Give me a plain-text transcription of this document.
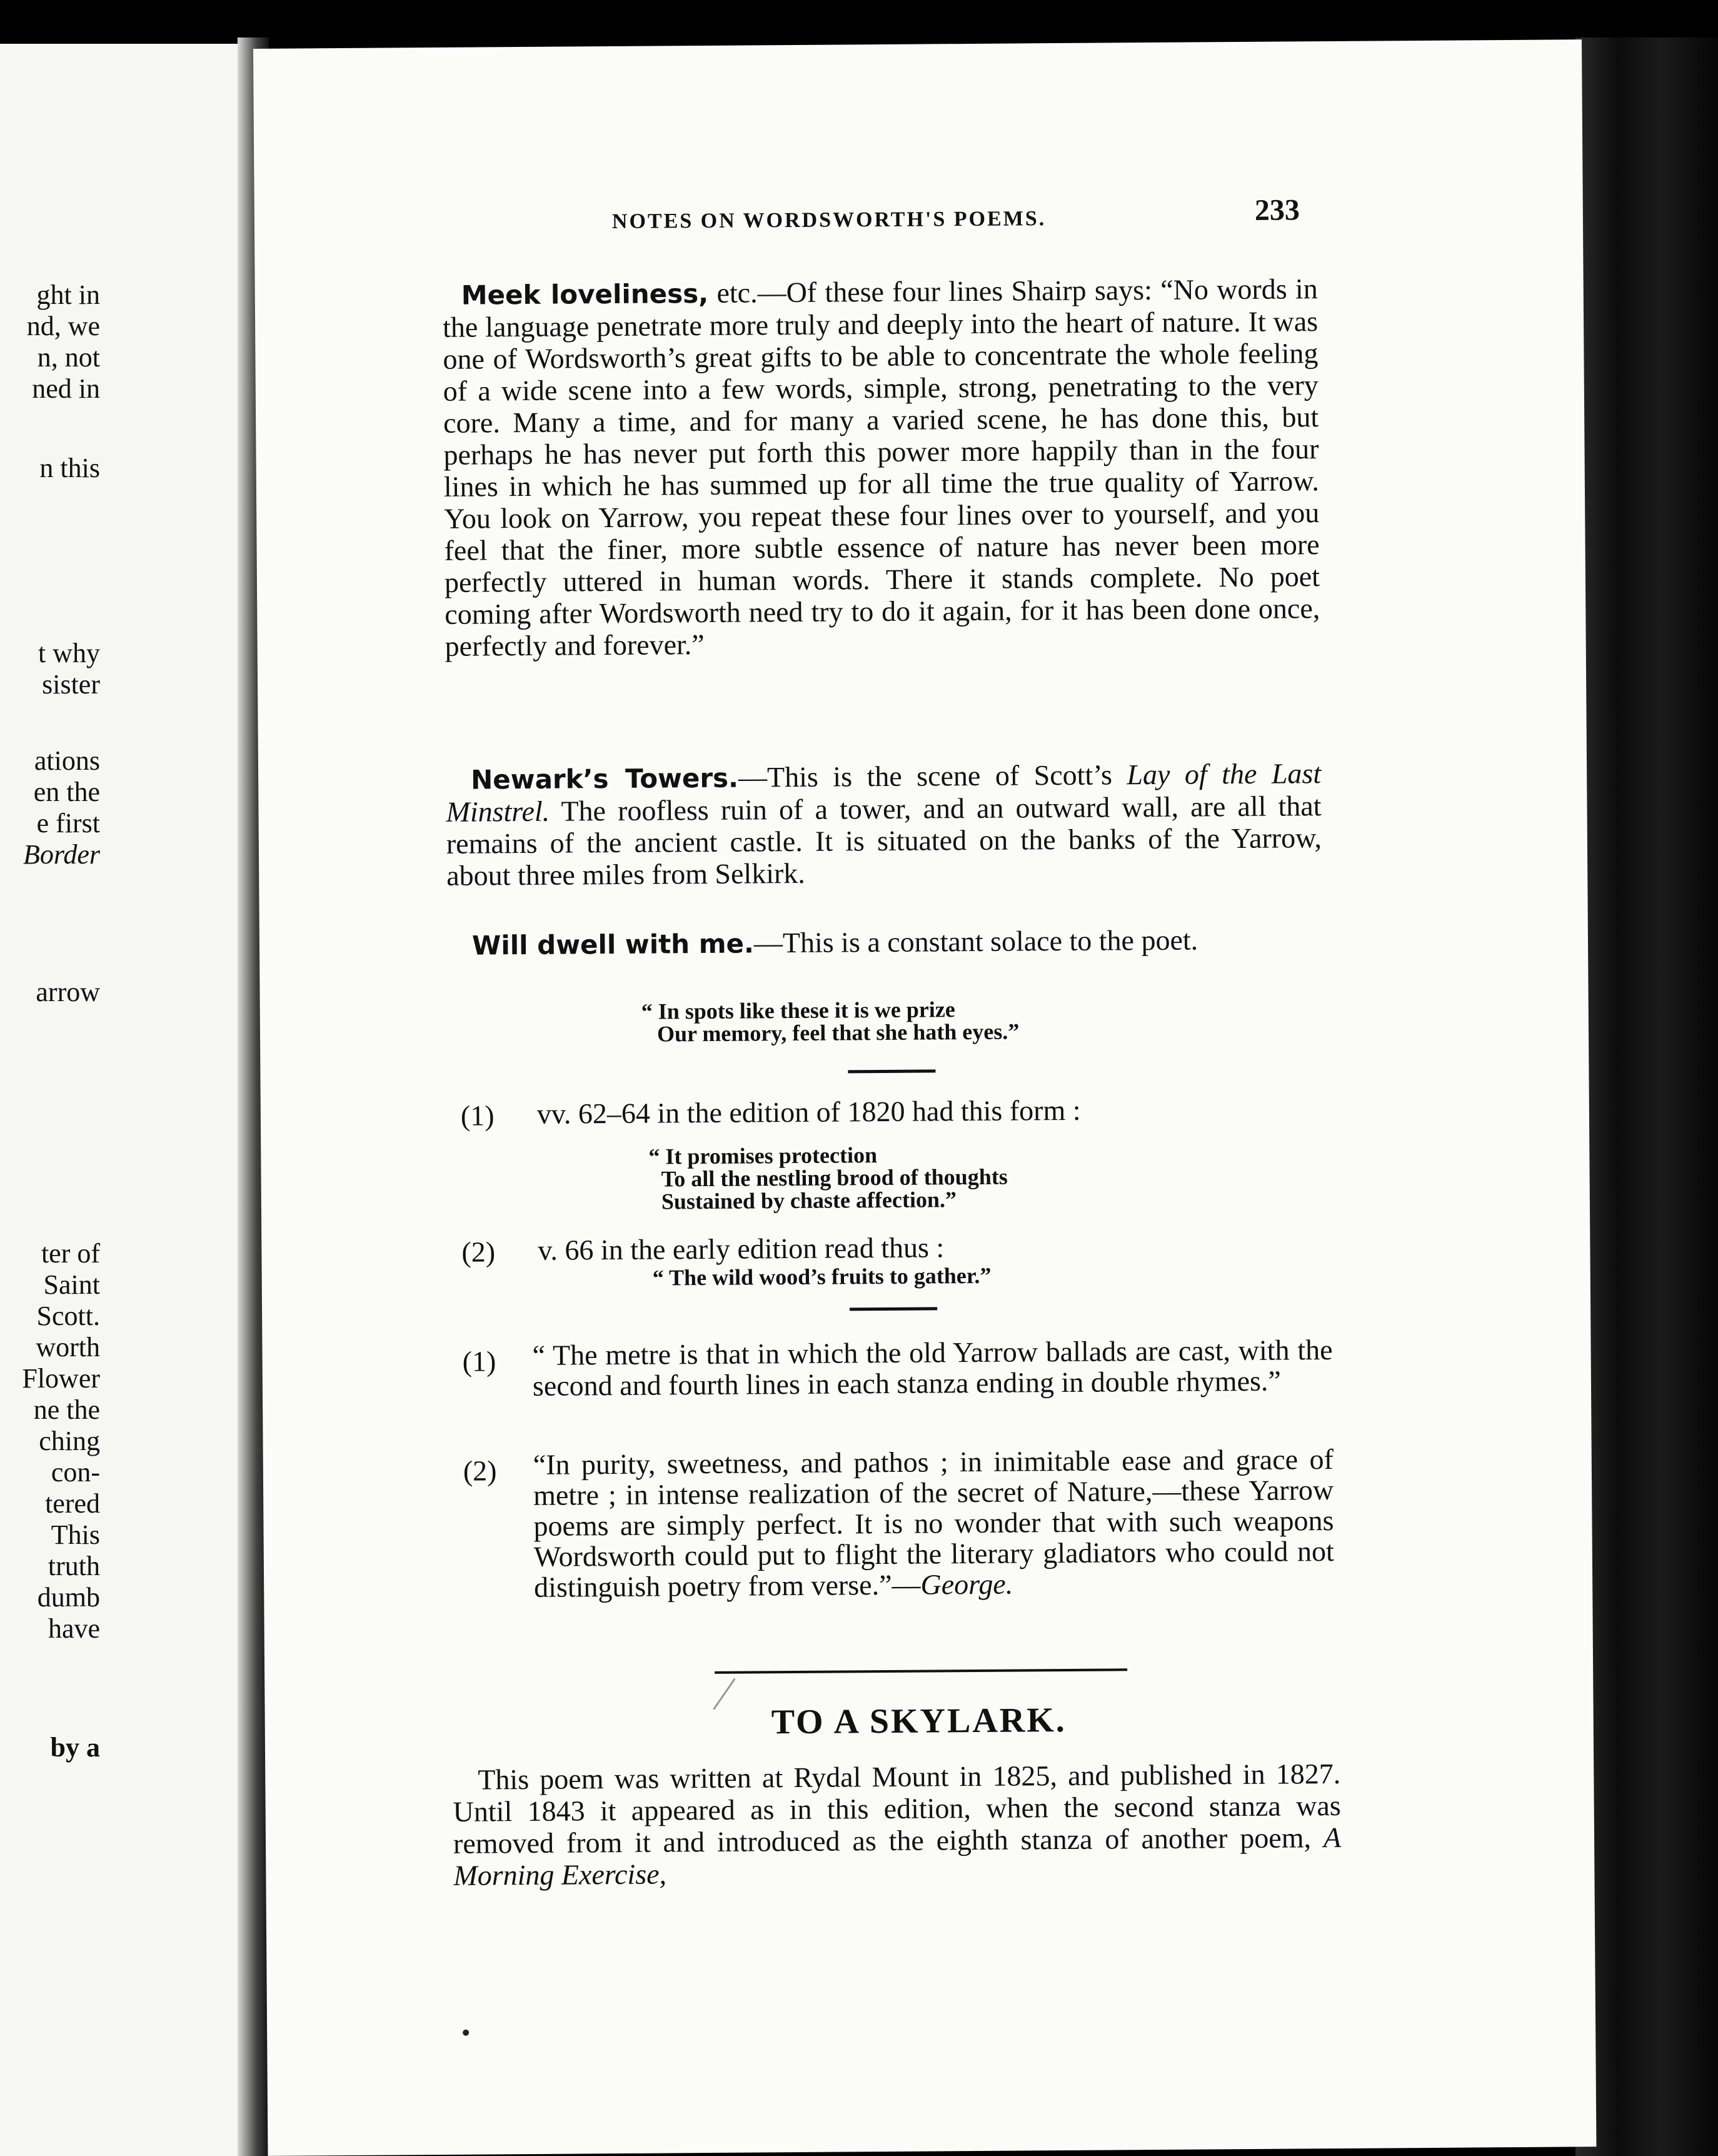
ght in
nd, we
n, not
ned in
n this
t why
sister
ations
en the
e first
Border
arrow
ter of
Saint
Scott.
worth
Flower
ne the
ching
con-
tered
This
truth
dumb
have
by a
NOTES ON WORDSWORTH'S POEMS.	233
Meek loveliness, etc.—Of these four lines Shairp says: “No words in the language penetrate more truly and deeply into the heart of nature. It was one of Wordsworth’s great gifts to be able to concentrate the whole feeling of a wide scene into a few words, simple, strong, penetrating to the very core. Many a time, and for many a varied scene, he has done this, but perhaps he has never put forth this power more happily than in the four lines in which he has summed up for all time the true quality of Yarrow. You look on Yarrow, you repeat these four lines over to yourself, and you feel that the finer, more subtle essence of nature has never been more perfectly uttered in human words. There it stands complete. No poet coming after Wordsworth need try to do it again, for it has been done once, perfectly and forever.”
Newark’s Towers.—This is the scene of Scott’s Lay of the Last Minstrel. The roofless ruin of a tower, and an outward wall, are all that remains of the ancient castle. It is situated on the banks of the Yarrow, about three miles from Selkirk.
Will dwell with me.—This is a constant solace to the poet.
“ In spots like these it is we prize
Our memory, feel that she hath eyes.”
(1) vv. 62–64 in the edition of 1820 had this form :
“ It promises protection
To all the nestling brood of thoughts
Sustained by chaste affection.”
(2) v. 66 in the early edition read thus :
“ The wild wood’s fruits to gather.”
(1) “ The metre is that in which the old Yarrow ballads are cast, with the second and fourth lines in each stanza ending in double rhymes.”
(2) “In purity, sweetness, and pathos ; in inimitable ease and grace of metre ; in intense realization of the secret of Nature,—these Yarrow poems are simply perfect. It is no wonder that with such weapons Wordsworth could put to flight the literary gladiators who could not distinguish poetry from verse.”—George.
TO A SKYLARK.
This poem was written at Rydal Mount in 1825, and published in 1827. Until 1843 it appeared as in this edition, when the second stanza was removed from it and introduced as the eighth stanza of another poem, A Morning Exercise,
